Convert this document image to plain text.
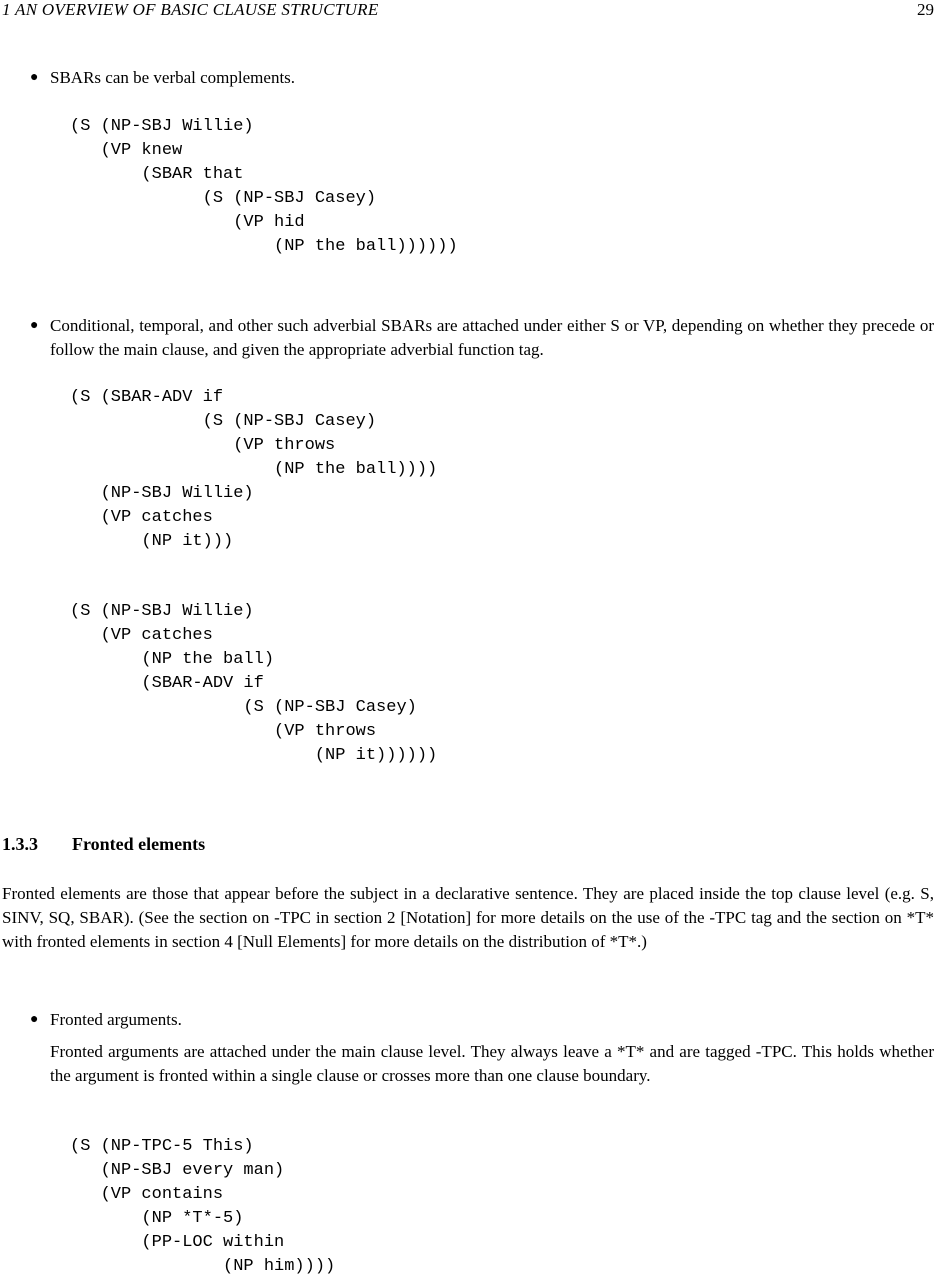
1 AN OVERVIEW OF BASIC CLAUSE STRUCTURE	29
● SBARs can be verbal complements.
(S (NP-SBJ Willie)
(VP knew
(SBAR that
(S (NP-SBJ Casey)
(VP hid
(NP the ball))))))
● Conditional, temporal, and other such adverbial SBARs are attached under either S or VP, depending on whether they precede or follow the main clause, and given the appropriate adverbial function tag.
(S (SBAR-ADV if
(S (NP-SBJ Casey)
(VP throws
(NP the ball))))
(NP-SBJ Willie)
(VP catches
(NP it)))
(S (NP-SBJ Willie)
(VP catches
(NP the ball)
(SBAR-ADV if
(S (NP-SBJ Casey)
(VP throws
(NP it))))))
1.3.3 Fronted elements
Fronted elements are those that appear before the subject in a declarative sentence. They are placed inside the top clause level (e.g. S, SINV, SQ, SBAR). (See the section on -TPC in section 2 [Notation] for more details on the use of the -TPC tag and the section on *T* with fronted elements in section 4 [Null Elements] for more details on the distribution of *T*.)
● Fronted arguments.
Fronted arguments are attached under the main clause level. They always leave a *T* and are tagged -TPC. This holds whether the argument is fronted within a single clause or crosses more than one clause boundary.
(S (NP-TPC-5 This)
(NP-SBJ every man)
(VP contains
(NP *T*-5)
(PP-LOC within
(NP him))))
